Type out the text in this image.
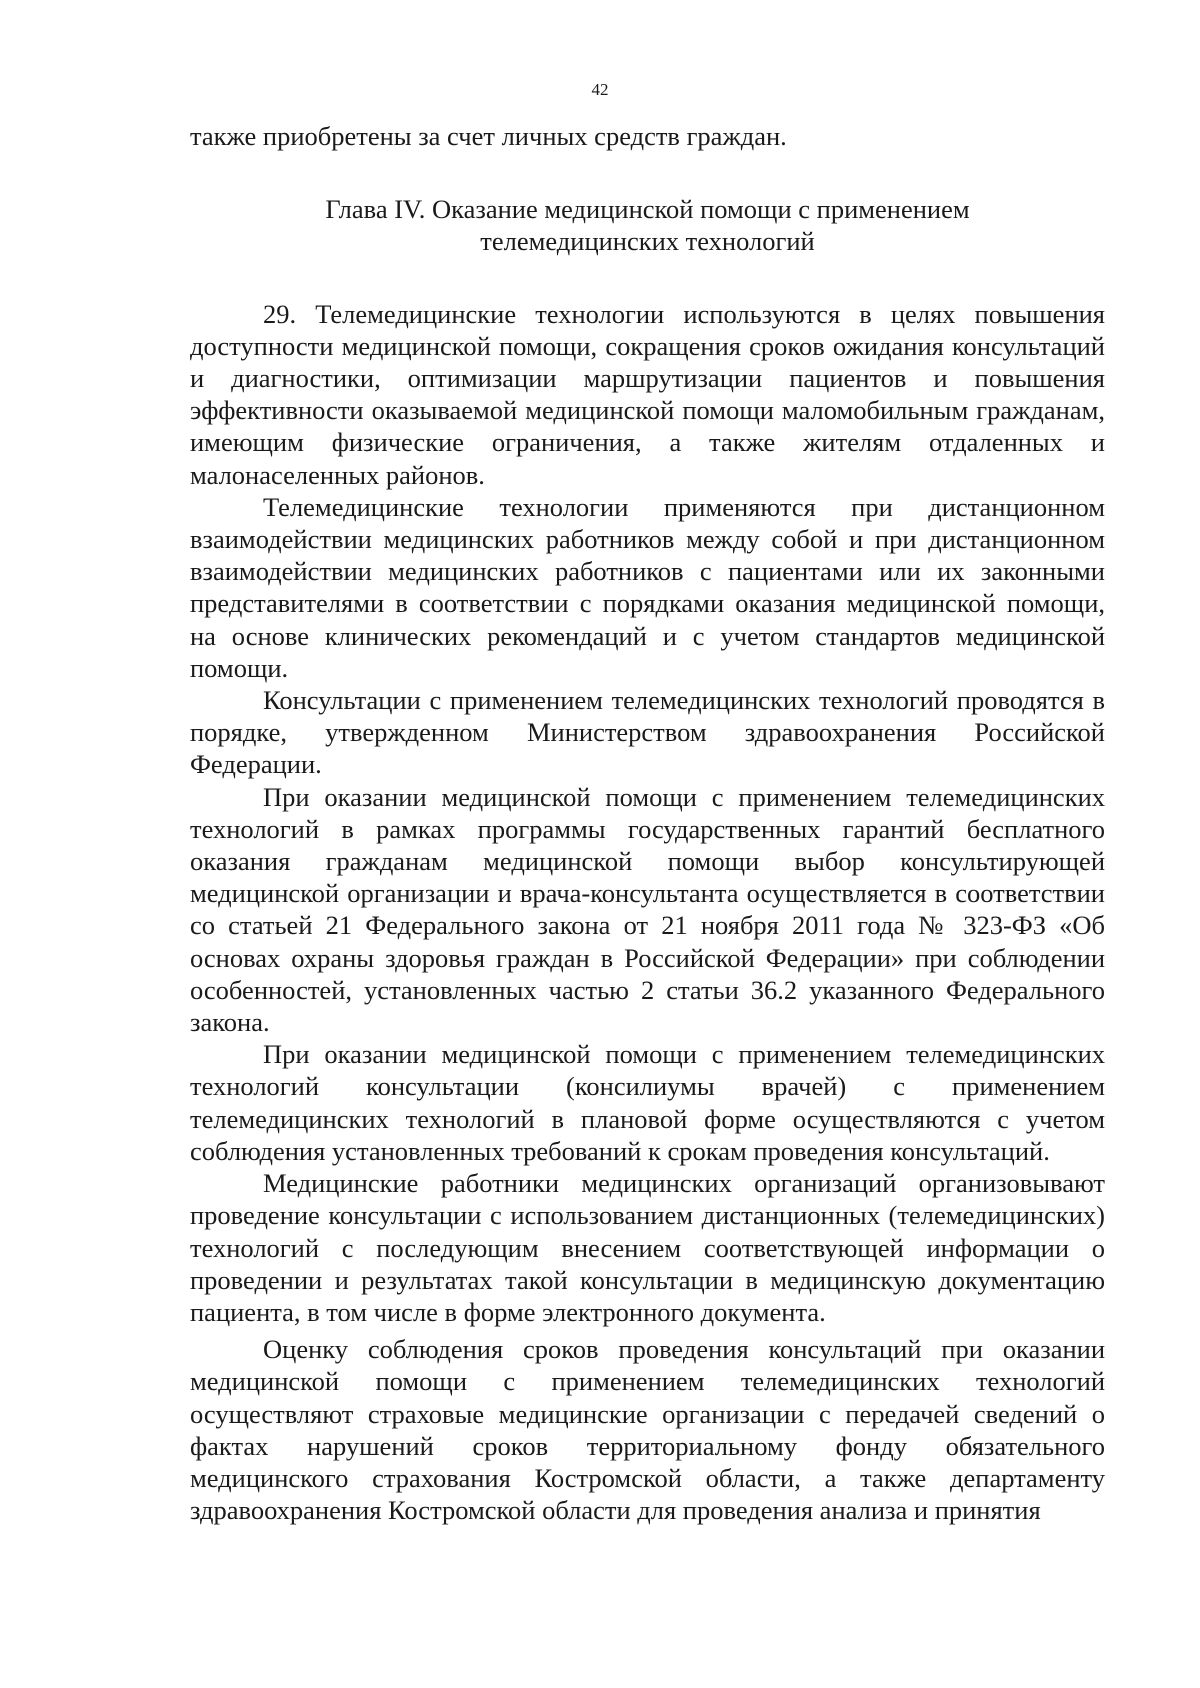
42

также приобретены за счет личных средств граждан.

Глава IV. Оказание медицинской помощи с применением
телемедицинских технологий

29. Телемедицинские технологии используются в целях повышения доступности медицинской помощи, сокращения сроков ожидания консультаций и диагностики, оптимизации маршрутизации пациентов и повышения эффективности оказываемой медицинской помощи маломобильным гражданам, имеющим физические ограничения, а также жителям отдаленных и малонаселенных районов.

Телемедицинские технологии применяются при дистанционном взаимодействии медицинских работников между собой и при дистанционном взаимодействии медицинских работников с пациентами или их законными представителями в соответствии с порядками оказания медицинской помощи, на основе клинических рекомендаций и с учетом стандартов медицинской помощи.

Консультации с применением телемедицинских технологий проводятся в порядке, утвержденном Министерством здравоохранения Российской Федерации.

При оказании медицинской помощи с применением телемедицинских технологий в рамках программы государственных гарантий бесплатного оказания гражданам медицинской помощи выбор консультирующей медицинской организации и врача-консультанта осуществляется в соответствии со статьей 21 Федерального закона от 21 ноября 2011 года № 323-ФЗ «Об основах охраны здоровья граждан в Российской Федерации» при соблюдении особенностей, установленных частью 2 статьи 36.2 указанного Федерального закона.

При оказании медицинской помощи с применением телемедицинских технологий консультации (консилиумы врачей) с применением телемедицинских технологий в плановой форме осуществляются с учетом соблюдения установленных требований к срокам проведения консультаций.

Медицинские работники медицинских организаций организовывают проведение консультации с использованием дистанционных (телемедицинских) технологий с последующим внесением соответствующей информации о проведении и результатах такой консультации в медицинскую документацию пациента, в том числе в форме электронного документа.

Оценку соблюдения сроков проведения консультаций при оказании медицинской помощи с применением телемедицинских технологий осуществляют страховые медицинские организации с передачей сведений о фактах нарушений сроков территориальному фонду обязательного медицинского страхования Костромской области, а также департаменту здравоохранения Костромской области для проведения анализа и принятия
